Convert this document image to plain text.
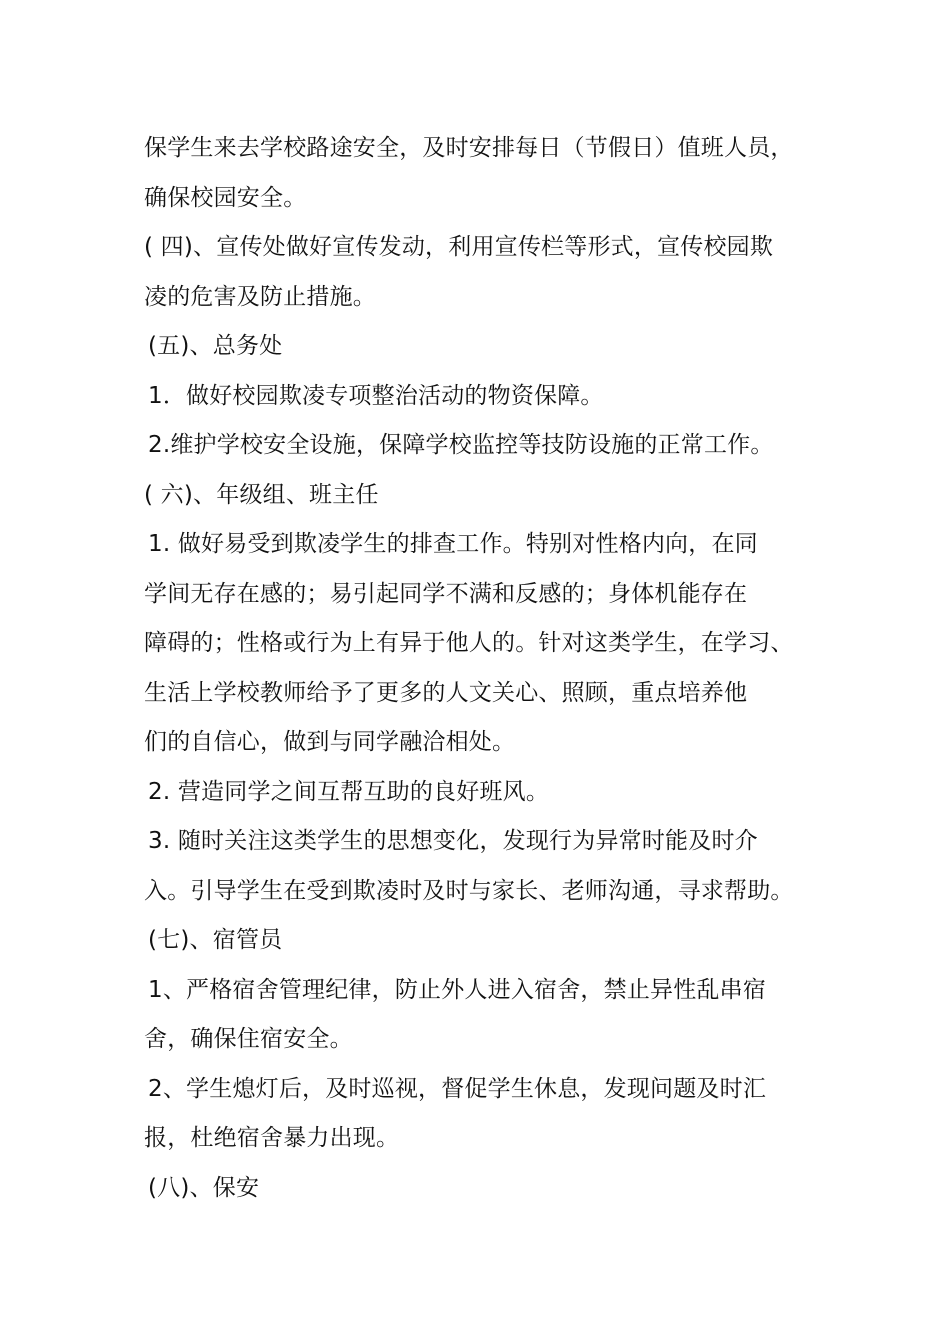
保学生来去学校路途安全，及时安排每日（节假日）值班人员，
确保校园安全。
( 四)、宣传处做好宣传发动，利用宣传栏等形式，宣传校园欺
凌的危害及防止措施。
(五)、总务处
1．做好校园欺凌专项整治活动的物资保障。
2.维护学校安全设施，保障学校监控等技防设施的正常工作。
( 六)、年级组、班主任
1. 做好易受到欺凌学生的排查工作。特别对性格内向，在同
学间无存在感的；易引起同学不满和反感的；身体机能存在
障碍的；性格或行为上有异于他人的。针对这类学生，在学习、
生活上学校教师给予了更多的人文关心、照顾，重点培养他
们的自信心，做到与同学融洽相处。
2. 营造同学之间互帮互助的良好班风。
3. 随时关注这类学生的思想变化，发现行为异常时能及时介
入。引导学生在受到欺凌时及时与家长、老师沟通，寻求帮助。
(七)、宿管员
1、严格宿舍管理纪律，防止外人进入宿舍，禁止异性乱串宿
舍，确保住宿安全。
2、学生熄灯后，及时巡视，督促学生休息，发现问题及时汇
报，杜绝宿舍暴力出现。
(八)、保安
